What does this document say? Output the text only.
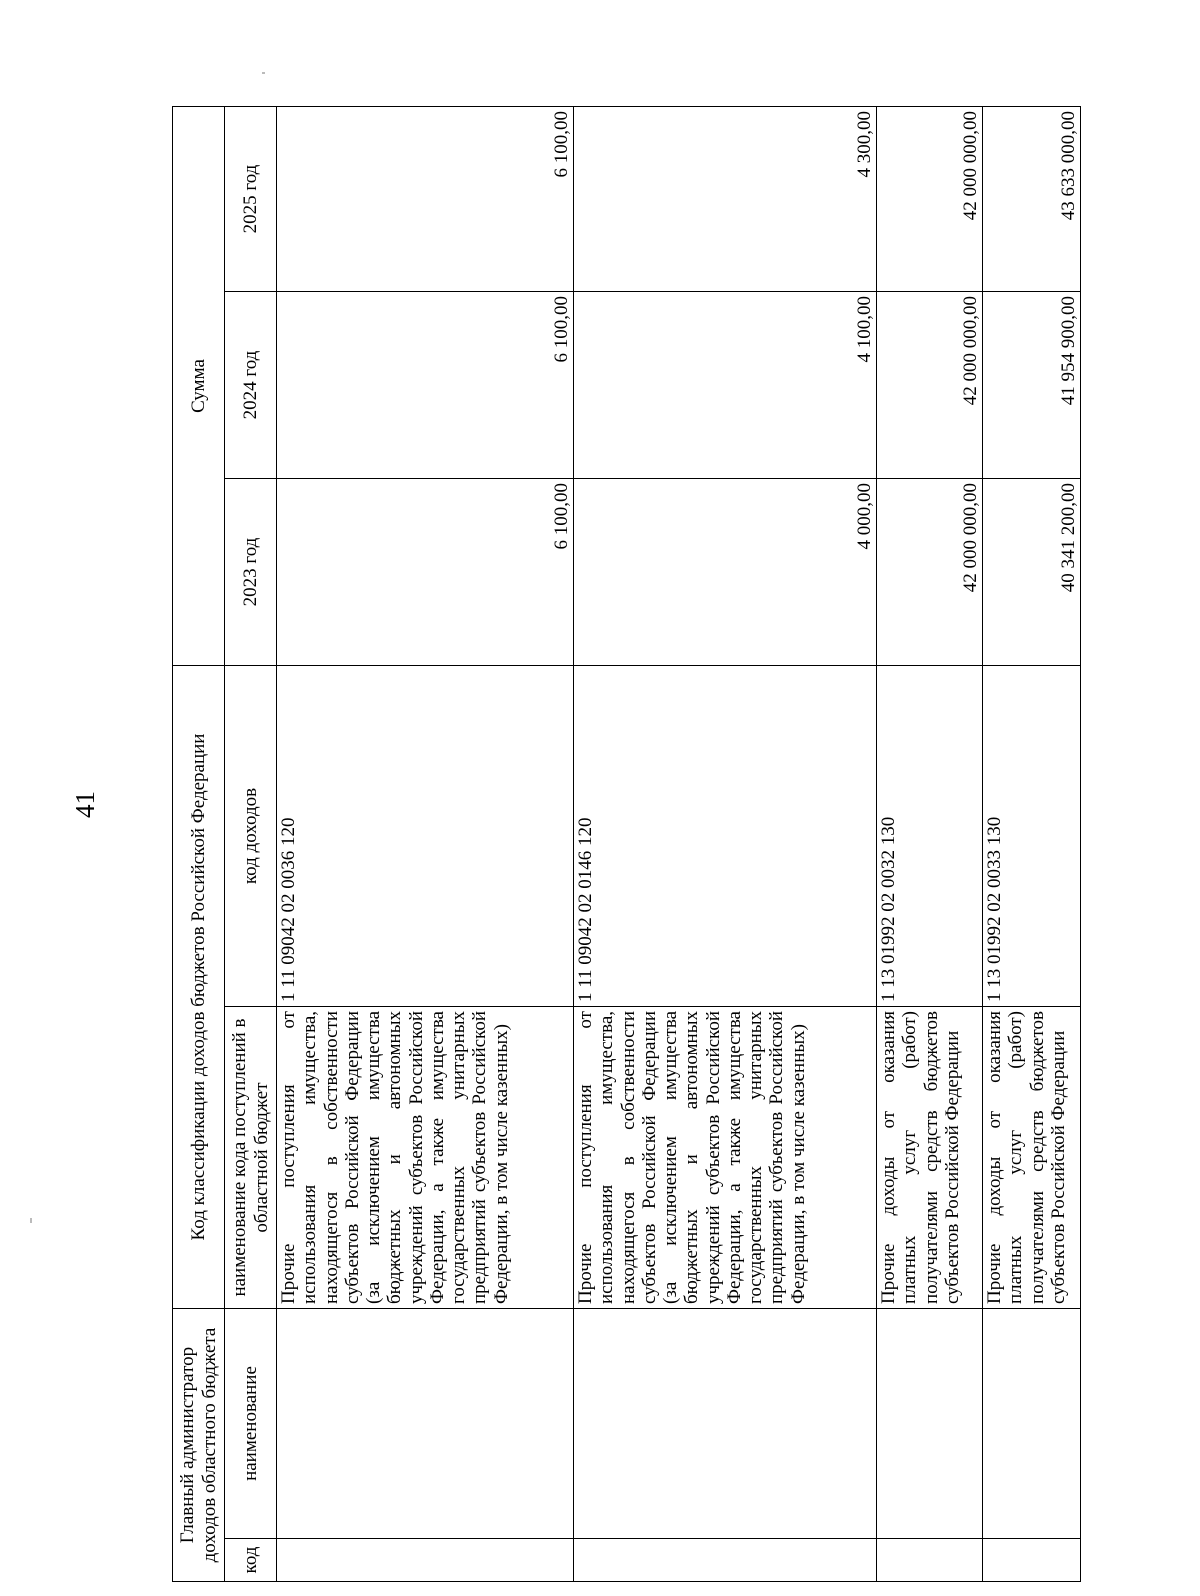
41
Главный администратор доходов областного бюджета		Код классификации доходов бюджетов Российской Федерации		Сумма		
код	наименование	наименование кода поступлений в областной бюджет	код доходов	2023 год	2024 год	2025 год
		Прочие поступления от использования имущества, находящегося в собственности субъектов Российской Федерации (за исключением имущества бюджетных и автономных учреждений субъектов Российской Федерации, а также имущества государственных унитарных предприятий субъектов Российской Федерации, в том числе казенных)	1 11 09042 02 0036 120	6 100,00	6 100,00	6 100,00
		Прочие поступления от использования имущества, находящегося в собственности субъектов Российской Федерации (за исключением имущества бюджетных и автономных учреждений субъектов Российской Федерации, а также имущества государственных унитарных предприятий субъектов Российской Федерации, в том числе казенных)	1 11 09042 02 0146 120	4 000,00	4 100,00	4 300,00
		Прочие доходы от оказания платных услуг (работ) получателями средств бюджетов субъектов Российской Федерации	1 13 01992 02 0032 130	42 000 000,00	42 000 000,00	42 000 000,00
		Прочие доходы от оказания платных услуг (работ) получателями средств бюджетов субъектов Российской Федерации	1 13 01992 02 0033 130	40 341 200,00	41 954 900,00	43 633 000,00
